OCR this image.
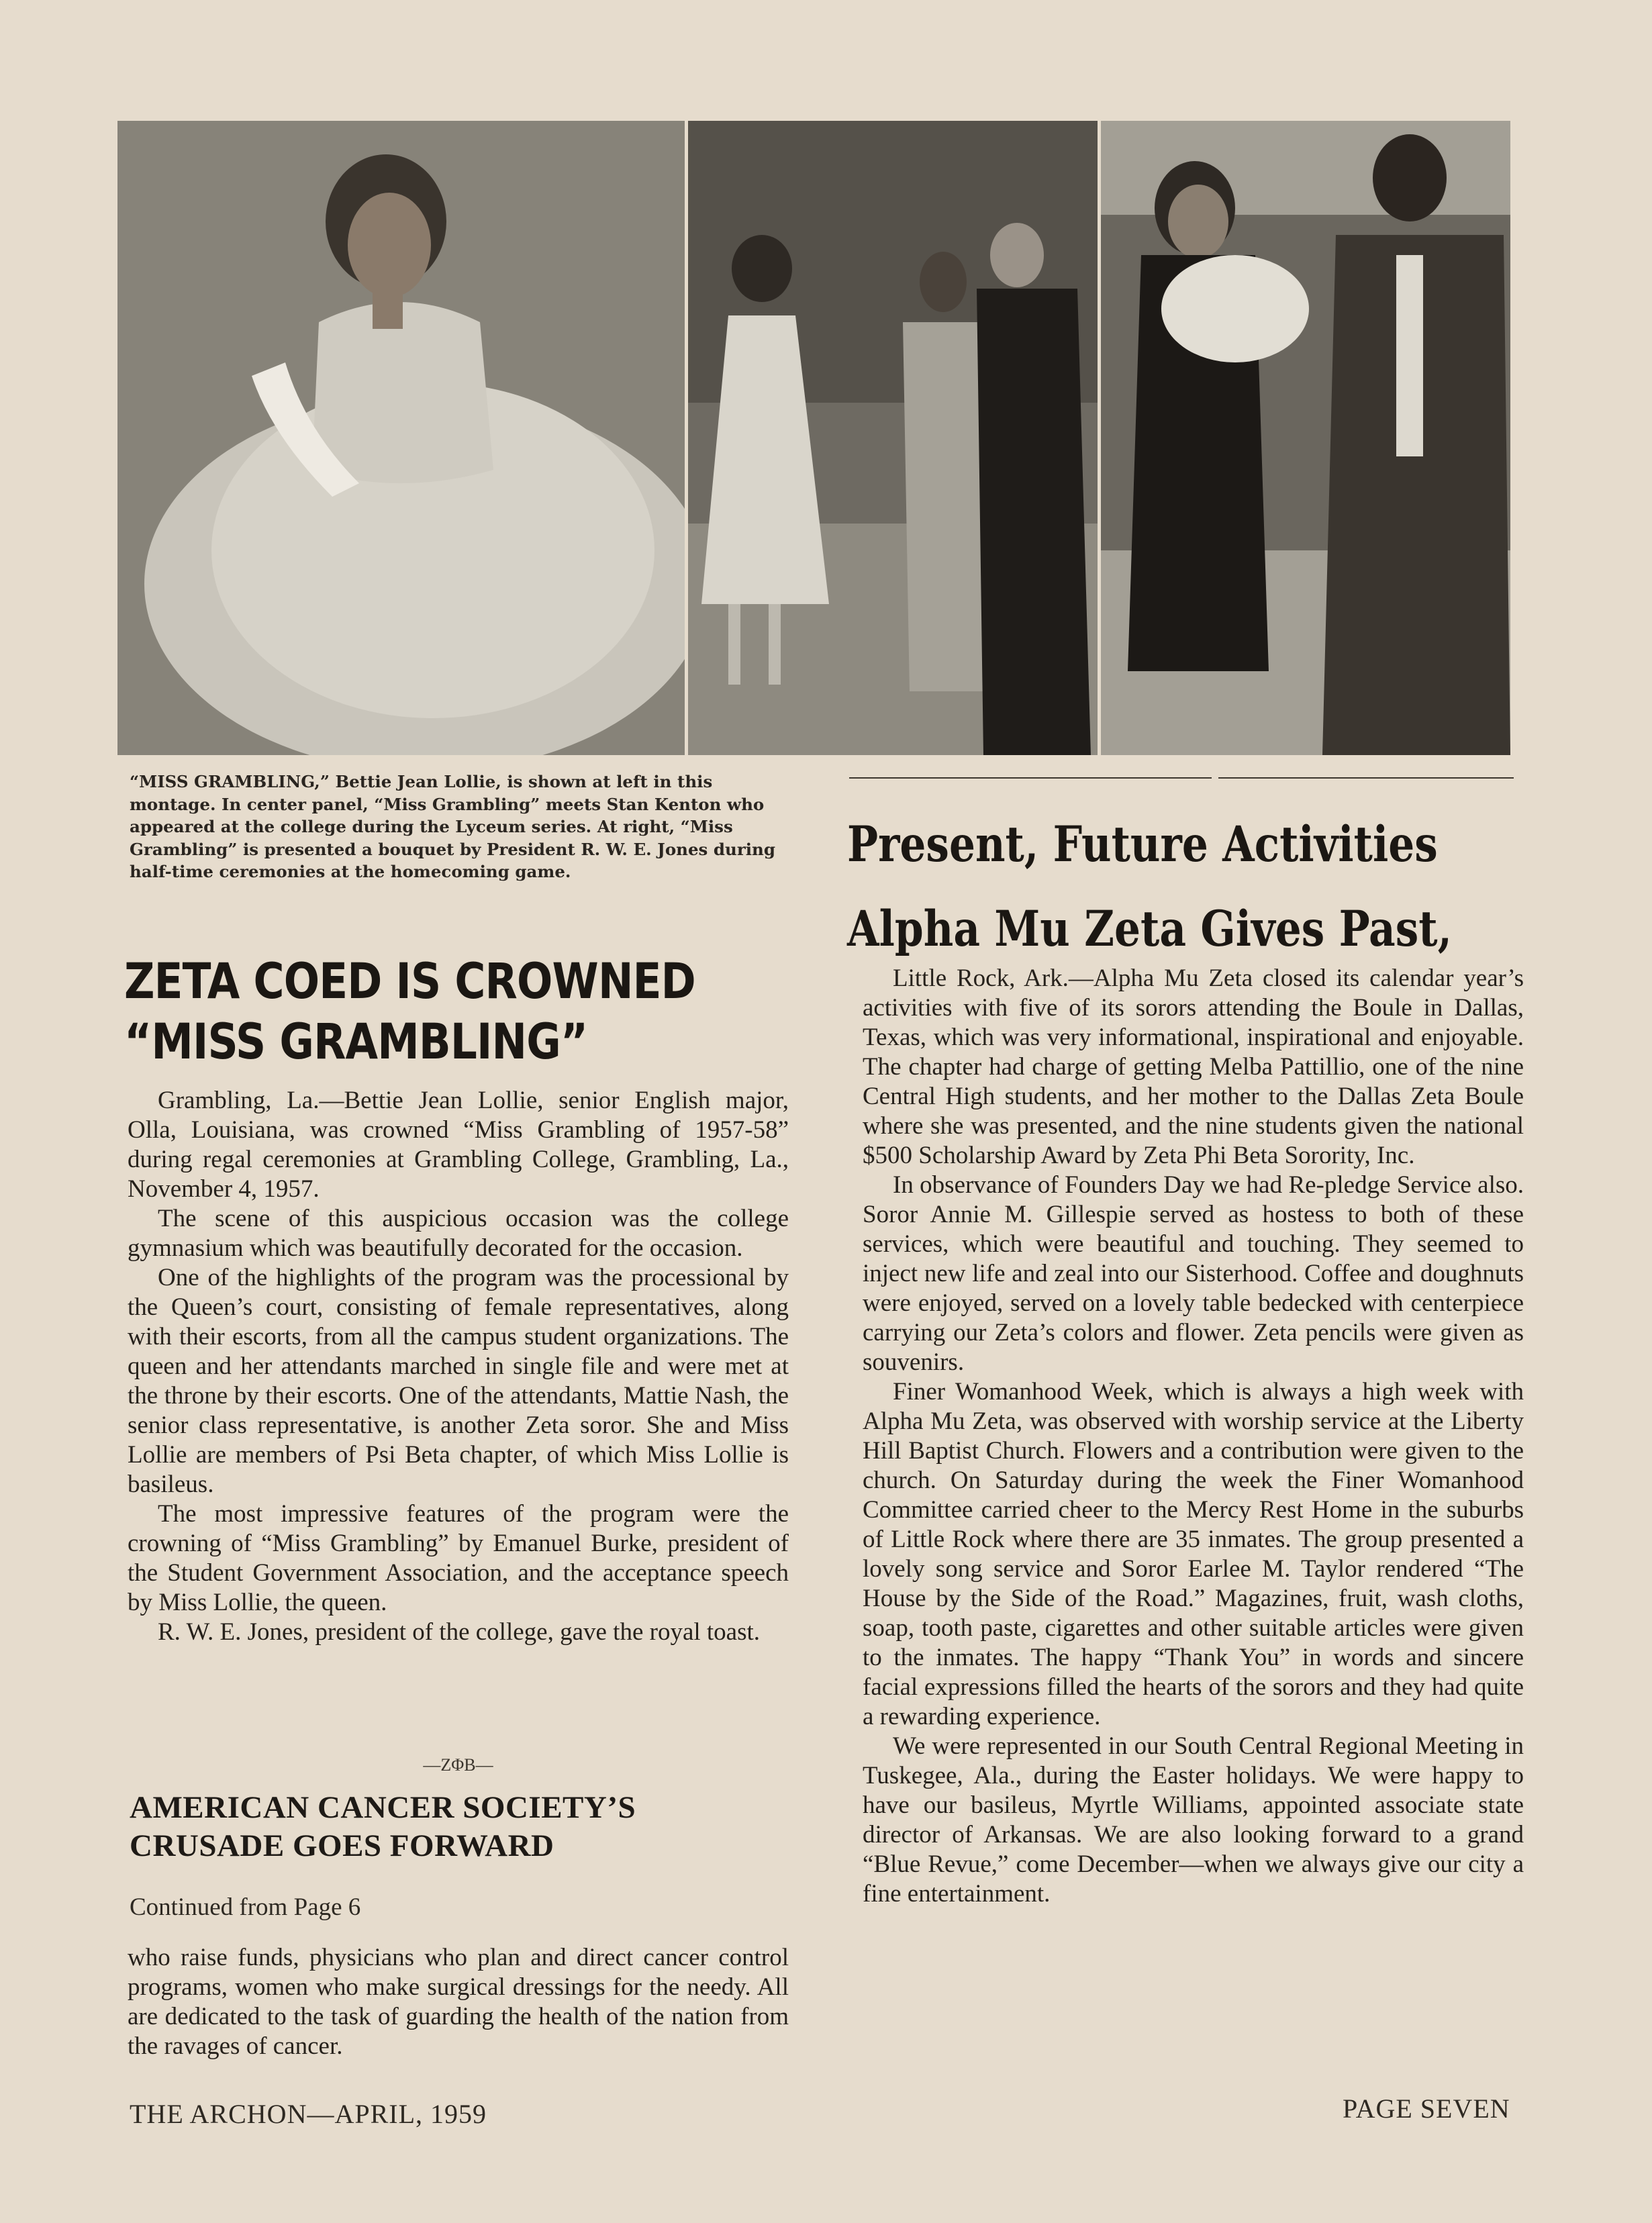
“MISS GRAMBLING,” Bettie Jean Lollie, is shown at left in this montage. In center panel, “Miss Grambling” meets Stan Kenton who appeared at the college during the Lyceum series. At right, “Miss Grambling” is presented a bouquet by President R. W. E. Jones during half-time ceremonies at the homecoming game.
ZETA COED IS CROWNED
“MISS GRAMBLING”

Grambling, La.—Bettie Jean Lollie, senior English major, Olla, Louisiana, was crowned “Miss Grambling of 1957-58” during regal ceremonies at Grambling College, Grambling, La., November 4, 1957.

The scene of this auspicious occasion was the college gymnasium which was beautifully decorated for the occasion.

One of the highlights of the program was the processional by the Queen’s court, consisting of female representatives, along with their escorts, from all the campus student organizations. The queen and her attendants marched in single file and were met at the throne by their escorts. One of the attendants, Mattie Nash, the senior class representative, is another Zeta soror. She and Miss Lollie are members of Psi Beta chapter, of which Miss Lollie is basileus.

The most impressive features of the program were the crowning of “Miss Grambling” by Emanuel Burke, president of the Student Government Association, and the acceptance speech by Miss Lollie, the queen.

R. W. E. Jones, president of the college, gave the royal toast.

—ZΦB—
AMERICAN CANCER SOCIETY’S
CRUSADE GOES FORWARD
Continued from Page 6

who raise funds, physicians who plan and direct cancer control programs, women who make surgical dressings for the needy. All are dedicated to the task of guarding the health of the nation from the ravages of cancer.

Present, Future Activities
Alpha Mu Zeta Gives Past,

Little Rock, Ark.—Alpha Mu Zeta closed its calendar year’s activities with five of its sorors attending the Boule in Dallas, Texas, which was very informational, inspirational and enjoyable. The chapter had charge of getting Melba Pattillio, one of the nine Central High students, and her mother to the Dallas Zeta Boule where she was presented, and the nine students given the national $500 Scholarship Award by Zeta Phi Beta Sorority, Inc.

In observance of Founders Day we had Re-pledge Service also. Soror Annie M. Gillespie served as hostess to both of these services, which were beautiful and touching. They seemed to inject new life and zeal into our Sisterhood. Coffee and doughnuts were enjoyed, served on a lovely table bedecked with centerpiece carrying our Zeta’s colors and flower. Zeta pencils were given as souvenirs.

Finer Womanhood Week, which is always a high week with Alpha Mu Zeta, was observed with worship service at the Liberty Hill Baptist Church. Flowers and a contribution were given to the church. On Saturday during the week the Finer Womanhood Committee carried cheer to the Mercy Rest Home in the suburbs of Little Rock where there are 35 inmates. The group presented a lovely song service and Soror Earlee M. Taylor rendered “The House by the Side of the Road.” Magazines, fruit, wash cloths, soap, tooth paste, cigarettes and other suitable articles were given to the inmates. The happy “Thank You” in words and sincere facial expressions filled the hearts of the sorors and they had quite a rewarding experience.

We were represented in our South Central Regional Meeting in Tuskegee, Ala., during the Easter holidays. We were happy to have our basileus, Myrtle Williams, appointed associate state director of Arkansas. We are also looking forward to a grand “Blue Revue,” come December—when we always give our city a fine entertainment.

THE ARCHON—APRIL, 1959	PAGE SEVEN
